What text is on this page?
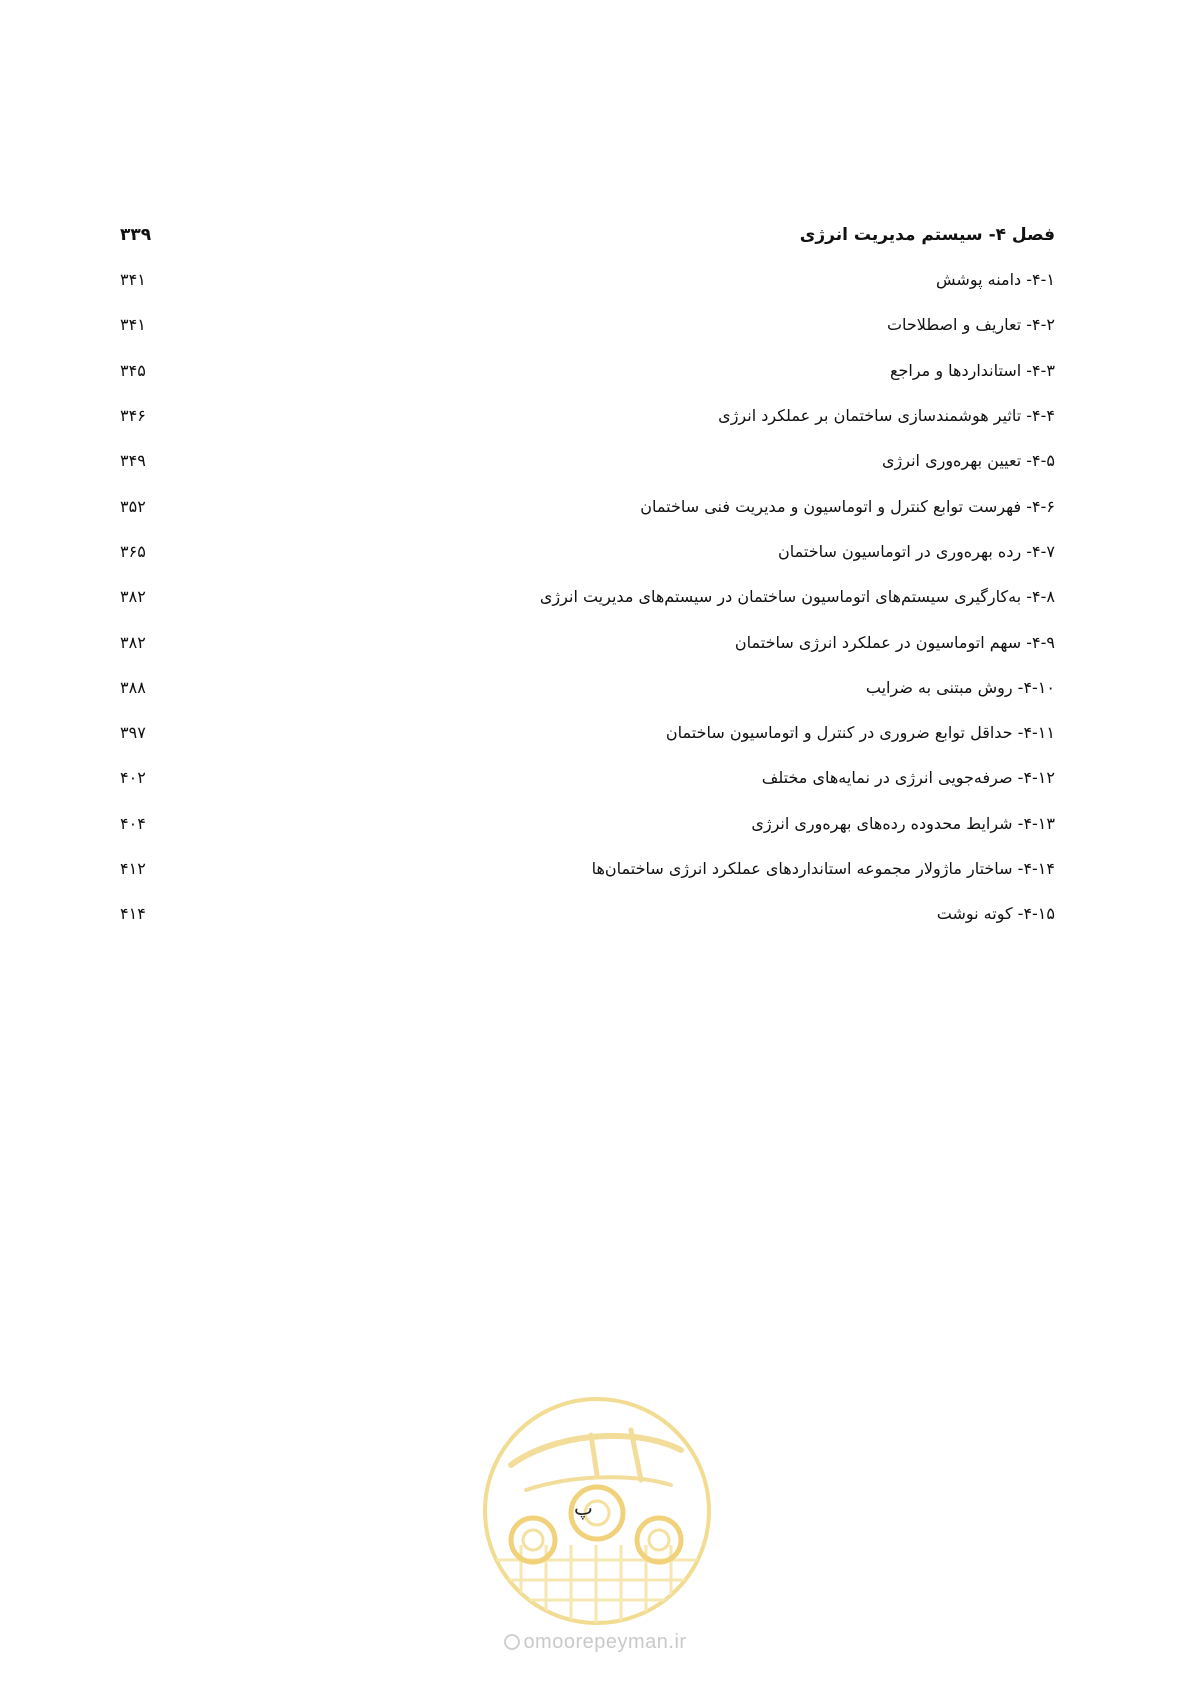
فصل ۴- سیستم مدیریت انرژی
۳۳۹
۴-۱- دامنه پوشش
۳۴۱
۴-۲- تعاریف و اصطلاحات
۳۴۱
۴-۳- استانداردها و مراجع
۳۴۵
۴-۴- تاثیر هوشمندسازی ساختمان بر عملکرد انرژی
۳۴۶
۴-۵- تعیین بهره‌وری انرژی
۳۴۹
۴-۶- فهرست توابع کنترل و اتوماسیون و مدیریت فنی ساختمان
۳۵۲
۴-۷- رده بهره‌وری در اتوماسیون ساختمان
۳۶۵
۴-۸- به‌کارگیری سیستم‌های اتوماسیون ساختمان در سیستم‌های مدیریت انرژی
۳۸۲
۴-۹- سهم اتوماسیون در عملکرد انرژی ساختمان
۳۸۲
۴-۱۰- روش مبتنی به ضرایب
۳۸۸
۴-۱۱- حداقل توابع ضروری در کنترل و اتوماسیون ساختمان
۳۹۷
۴-۱۲- صرفه‌جویی انرژی در نمایه‌های مختلف
۴۰۲
۴-۱۳- شرایط محدوده رده‌های بهره‌وری انرژی
۴۰۴
۴-۱۴- ساختار ماژولار مجموعه استانداردهای عملکرد انرژی ساختمان‌ها
۴۱۲
۴-۱۵- کوته نوشت
۴۱۴
پ
omoorepeyman.ir
